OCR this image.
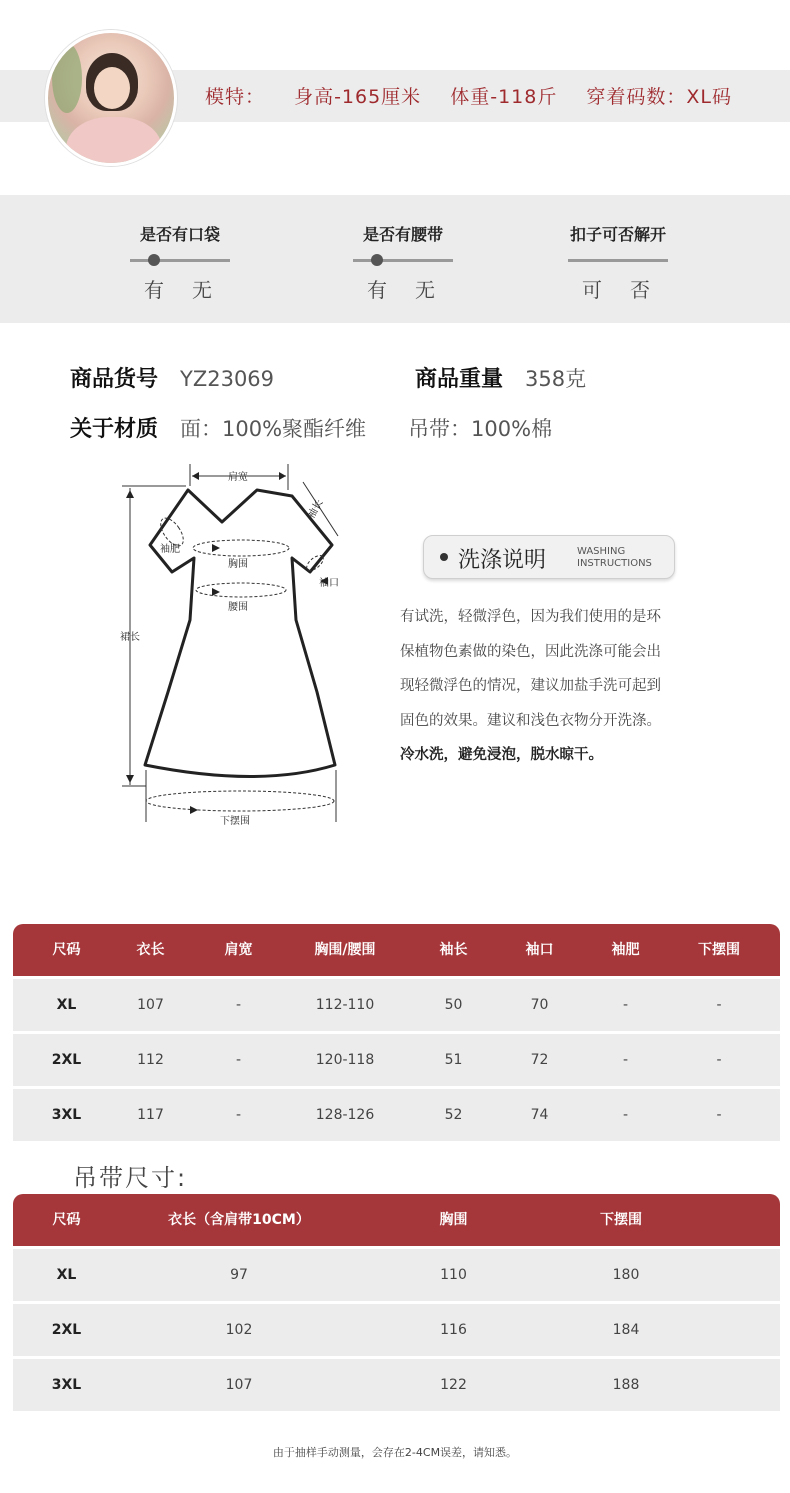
模特： 身高-165厘米 体重-118斤 穿着码数：XL码
是否有口袋
有 无
是否有腰带
有 无
扣子可否解开
可 否
商品货号 YZ23069	商品重量 358克
关于材质 面：100%聚酯纤维 吊带：100%棉
肩宽
袖长
袖肥
胸围
袖口
腰围
裙长
下摆围
洗涤说明	WASHING
INSTRUCTIONS

有试洗，轻微浮色，因为我们使用的是环

保植物色素做的染色，因此洗涤可能会出

现轻微浮色的情况，建议加盐手洗可起到

固色的效果。建议和浅色衣物分开洗涤。

冷水洗，避免浸泡，脱水晾干。

尺码	衣长	肩宽	胸围/腰围	袖长	袖口	袖肥	下摆围
XL	107	-	112-110	50	70	-	-
2XL	112	-	120-118	51	72	-	-
3XL	117	-	128-126	52	74	-	-
吊带尺寸:
尺码	衣长（含肩带10CM）	胸围	下摆围
XL	97	110	180
2XL	102	116	184
3XL	107	122	188
由于抽样手动测量，会存在2-4CM误差，请知悉。
